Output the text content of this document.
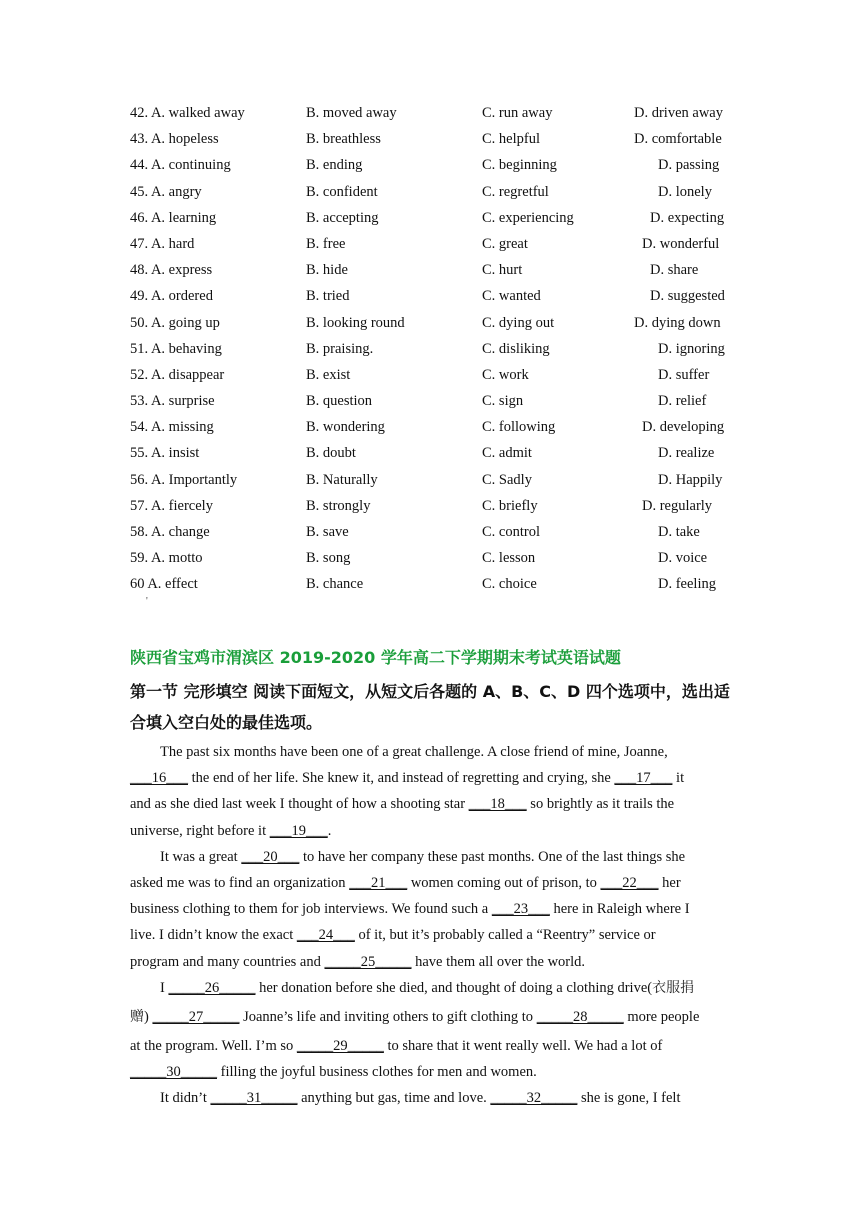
42. A. walked away	B. moved away	C. run away	D. driven away
43. A. hopeless	B. breathless	C. helpful	D. comfortable
44. A. continuing	B. ending	C. beginning	D. passing
45. A. angry	B. confident	C. regretful	D. lonely
46. A. learning	B. accepting	C. experiencing	D. expecting
47. A. hard	B. free	C. great	D. wonderful
48. A. express	B. hide	C. hurt	D. share
49. A. ordered	B. tried	C. wanted	D. suggested
50. A. going up	B. looking round	C. dying out	D. dying down
51. A. behaving	B. praising.	C. disliking	D. ignoring
52. A. disappear	B. exist	C. work	D. suffer
53. A. surprise	B. question	C. sign	D. relief
54. A. missing	B. wondering	C. following	D. developing
55. A. insist	B. doubt	C. admit	D. realize
56. A. Importantly	B. Naturally	C. Sadly	D. Happily
57. A. fiercely	B. strongly	C. briefly	D. regularly
58. A. change	B. save	C. control	D. take
59. A. motto	B. song	C. lesson	D. voice
60 A. effect	B. chance	C. choice	D. feeling
'
陕西省宝鸡市渭滨区 2019-2020 学年高二下学期期末考试英语试题
第一节 完形填空 阅读下面短文，从短文后各题的 A、B、C、D 四个选项中，选出适合填入空白处的最佳选项。
The past six months have been one of a great challenge. A close friend of mine, Joanne,
___16___ the end of her life. She knew it, and instead of regretting and crying, she ___17___ it
and as she died last week I thought of how a shooting star ___18___ so brightly as it trails the
universe, right before it ___19___.
It was a great ___20___ to have her company these past months. One of the last things she
asked me was to find an organization ___21___ women coming out of prison, to ___22___ her
business clothing to them for job interviews. We found such a ___23___ here in Raleigh where I
live. I didn’t know the exact ___24___ of it, but it’s probably called a “Reentry” service or
program and many countries and _____25_____ have them all over the world.
I _____26_____ her donation before she died, and thought of doing a clothing drive(衣服捐
赠) _____27_____ Joanne’s life and inviting others to gift clothing to _____28_____ more people
at the program. Well. I’m so _____29_____ to share that it went really well. We had a lot of
_____30_____ filling the joyful business clothes for men and women.
It didn’t _____31_____ anything but gas, time and love. _____32_____ she is gone, I felt
